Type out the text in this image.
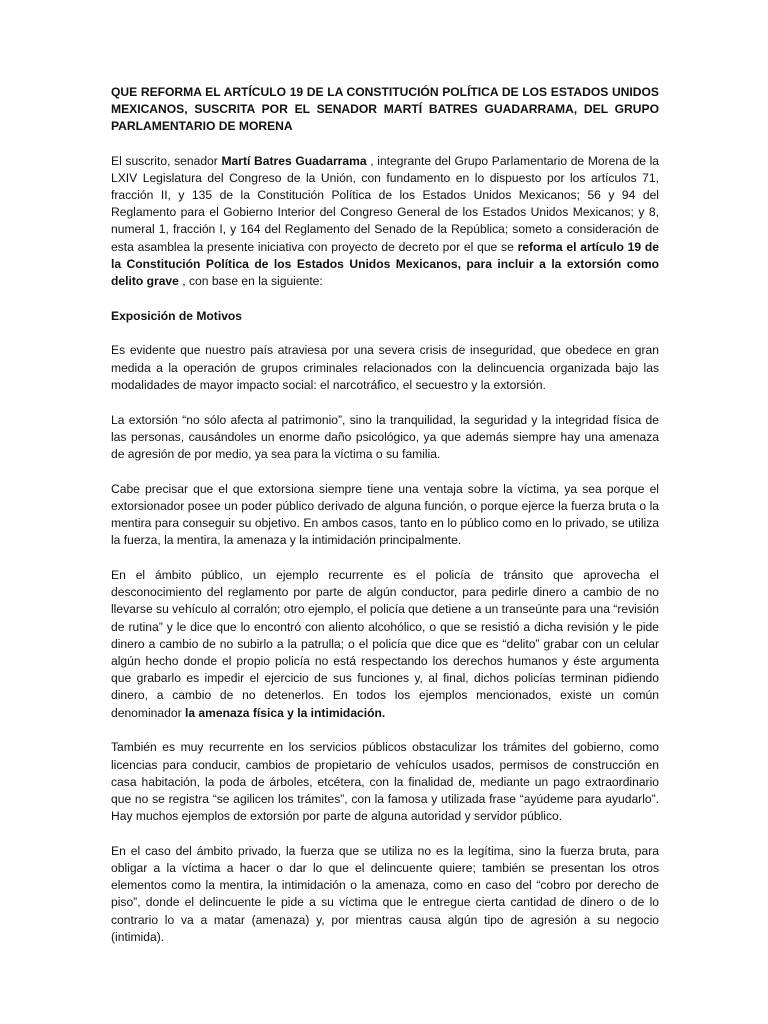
QUE REFORMA EL ARTÍCULO 19 DE LA CONSTITUCIÓN POLÍTICA DE LOS ESTADOS UNIDOS MEXICANOS, SUSCRITA POR EL SENADOR MARTÍ BATRES GUADARRAMA, DEL GRUPO PARLAMENTARIO DE MORENA

El suscrito, senador Martí Batres Guadarrama , integrante del Grupo Parlamentario de Morena de la LXIV Legislatura del Congreso de la Unión, con fundamento en lo dispuesto por los artículos 71, fracción II, y 135 de la Constitución Política de los Estados Unidos Mexicanos; 56 y 94 del Reglamento para el Gobierno Interior del Congreso General de los Estados Unidos Mexicanos; y 8, numeral 1, fracción I, y 164 del Reglamento del Senado de la República; someto a consideración de esta asamblea la presente iniciativa con proyecto de decreto por el que se reforma el artículo 19 de la Constitución Política de los Estados Unidos Mexicanos, para incluir a la extorsión como delito grave , con base en la siguiente:

Exposición de Motivos

Es evidente que nuestro país atraviesa por una severa crisis de inseguridad, que obedece en gran medida a la operación de grupos criminales relacionados con la delincuencia organizada bajo las modalidades de mayor impacto social: el narcotráfico, el secuestro y la extorsión.

La extorsión “no sólo afecta al patrimonio”, sino la tranquilidad, la seguridad y la integridad física de las personas, causándoles un enorme daño psicológico, ya que además siempre hay una amenaza de agresión de por medio, ya sea para la víctima o su familia.

Cabe precisar que el que extorsiona siempre tiene una ventaja sobre la víctima, ya sea porque el extorsionador posee un poder público derivado de alguna función, o porque ejerce la fuerza bruta o la mentira para conseguir su objetivo. En ambos casos, tanto en lo público como en lo privado, se utiliza la fuerza, la mentira, la amenaza y la intimidación principalmente.

En el ámbito público, un ejemplo recurrente es el policía de tránsito que aprovecha el desconocimiento del reglamento por parte de algún conductor, para pedirle dinero a cambio de no llevarse su vehículo al corralón; otro ejemplo, el policía que detiene a un transeúnte para una “revisión de rutina” y le dice que lo encontró con aliento alcohólico, o que se resistió a dicha revisión y le pide dinero a cambio de no subirlo a la patrulla; o el policía que dice que es “delito” grabar con un celular algún hecho donde el propio policía no está respectando los derechos humanos y éste argumenta que grabarlo es impedir el ejercicio de sus funciones y, al final, dichos policías terminan pidiendo dinero, a cambio de no detenerlos. En todos los ejemplos mencionados, existe un común denominador la amenaza física y la intimidación.

También es muy recurrente en los servicios públicos obstaculizar los trámites del gobierno, como licencias para conducir, cambios de propietario de vehículos usados, permisos de construcción en casa habitación, la poda de árboles, etcétera, con la finalidad de, mediante un pago extraordinario que no se registra “se agilicen los trámites”, con la famosa y utilizada frase “ayúdeme para ayudarlo”. Hay muchos ejemplos de extorsión por parte de alguna autoridad y servidor público.

En el caso del ámbito privado, la fuerza que se utiliza no es la legítima, sino la fuerza bruta, para obligar a la víctima a hacer o dar lo que el delincuente quiere; también se presentan los otros elementos como la mentira, la intimidación o la amenaza, como en caso del “cobro por derecho de piso”, donde el delincuente le pide a su víctima que le entregue cierta cantidad de dinero o de lo contrario lo va a matar (amenaza) y, por mientras causa algún tipo de agresión a su negocio (intimida).
